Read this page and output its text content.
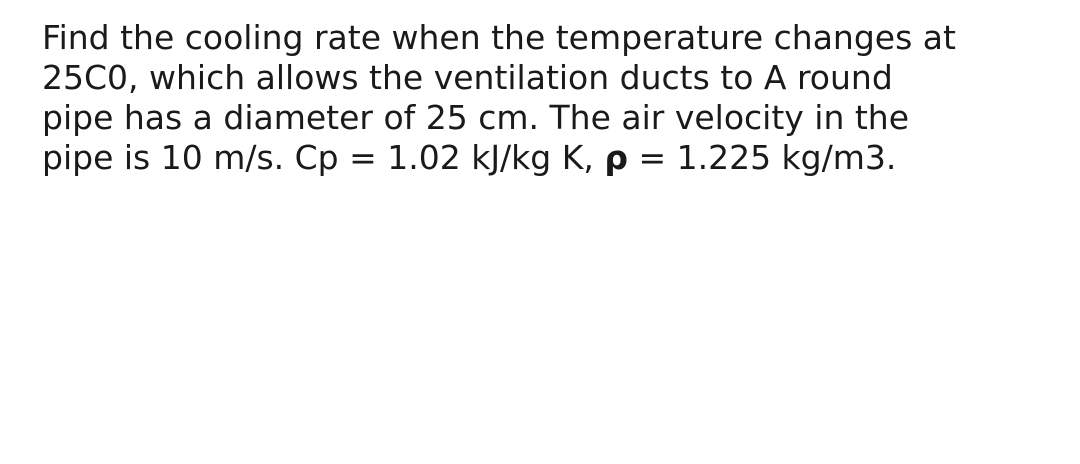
Find the cooling rate when the temperature changes at
25C0, which allows the ventilation ducts to A round
pipe has a diameter of 25 cm. The air velocity in the
pipe is 10 m/s. Cp = 1.02 kJ/kg K, ρ = 1.225 kg/m3.
